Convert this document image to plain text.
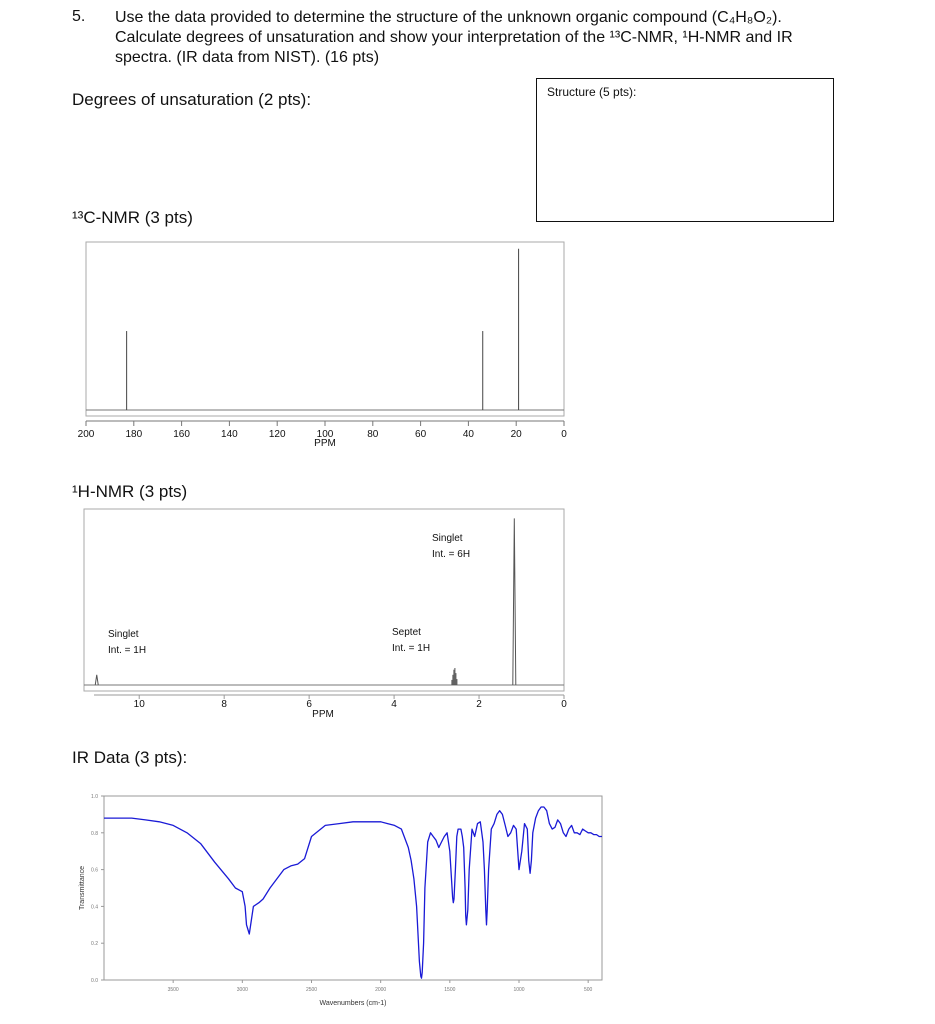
5. Use the data provided to determine the structure of the unknown organic compound (C₄H₈O₂).
Calculate degrees of unsaturation and show your interpretation of the ¹³C-NMR, ¹H-NMR and IR
spectra. (IR data from NIST). (16 pts)
Degrees of unsaturation (2 pts):	Structure (5 pts):
¹³C-NMR (3 pts)
200	180	160	140	120	100	80	60	40	20	0
PPM
¹H-NMR (3 pts)
Singlet
Int. = 1H
Septet
Int. = 1H
Singlet
Int. = 6H
10	8	6	4	2	0
PPM
IR Data (3 pts):
1.0
0.8
0.6
0.4
0.2
0.0
3500	3000	2500	2000	1500	1000	500
Wavenumbers (cm-1)
Transmittance
